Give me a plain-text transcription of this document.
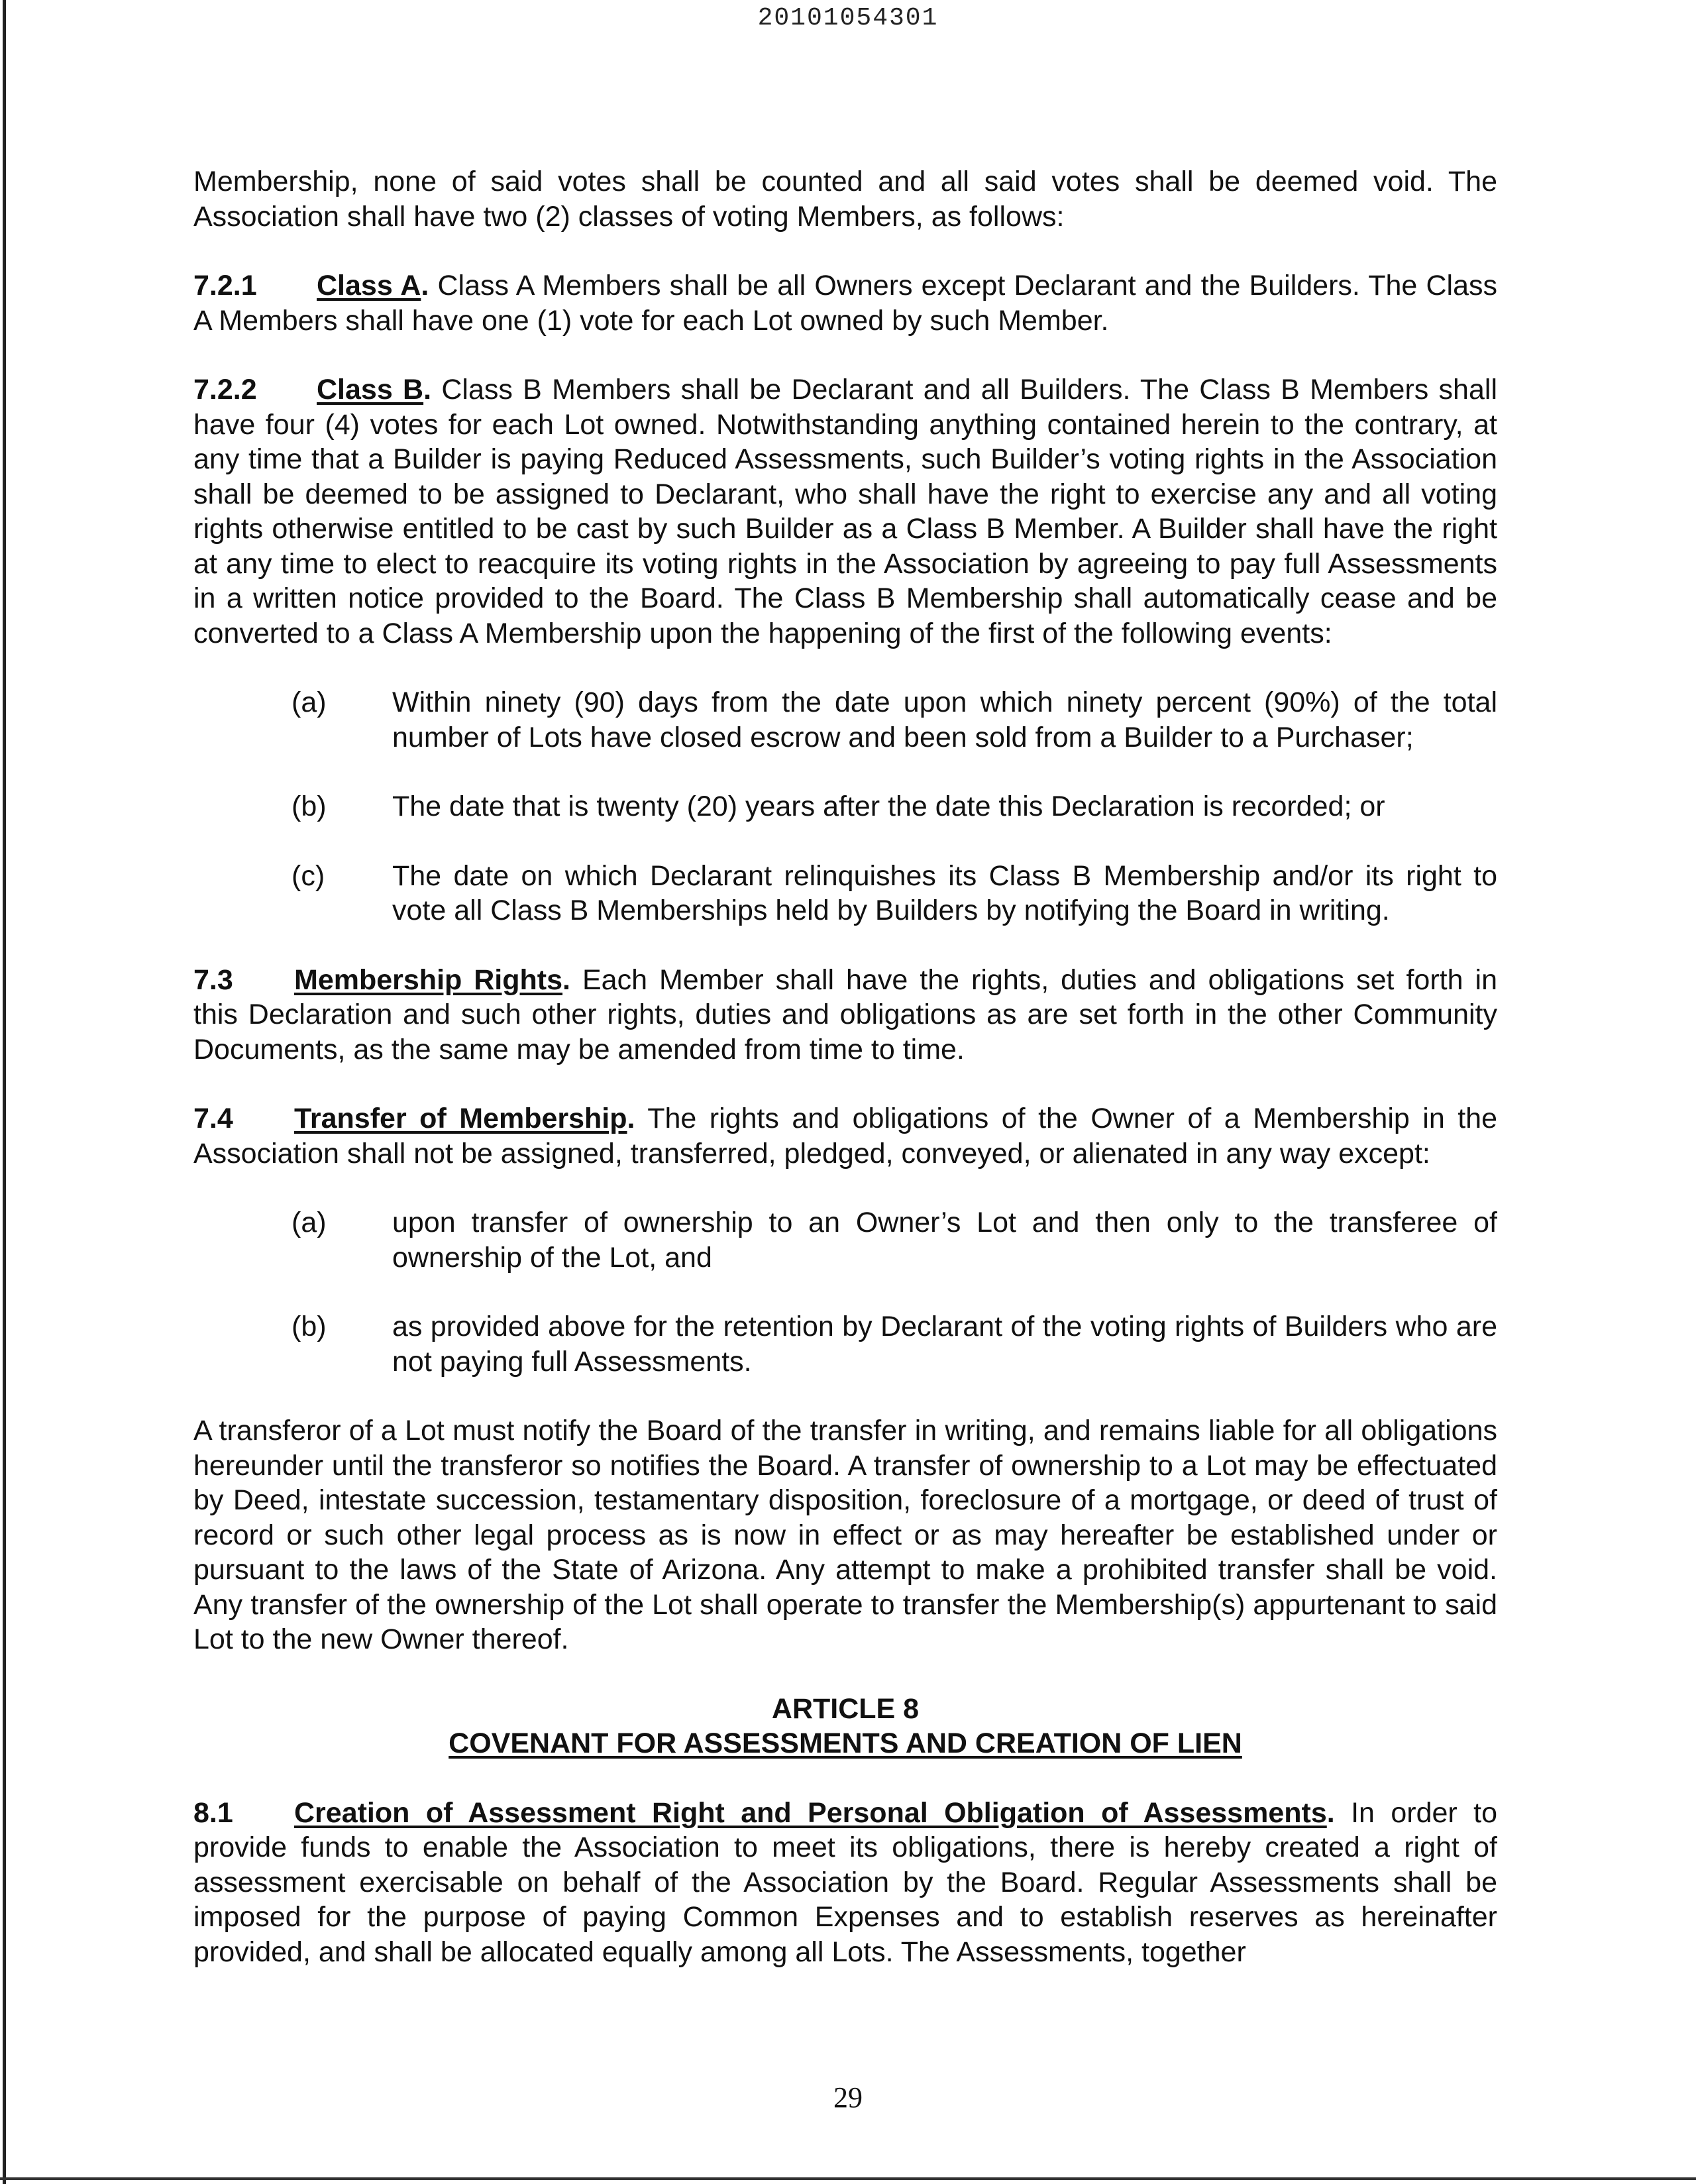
20101054301

Membership, none of said votes shall be counted and all said votes shall be deemed void. The Association shall have two (2) classes of voting Members, as follows:

7.2.1 Class A. Class A Members shall be all Owners except Declarant and the Builders. The Class A Members shall have one (1) vote for each Lot owned by such Member.

7.2.2 Class B. Class B Members shall be Declarant and all Builders. The Class B Members shall have four (4) votes for each Lot owned. Notwithstanding anything contained herein to the contrary, at any time that a Builder is paying Reduced Assessments, such Builder’s voting rights in the Association shall be deemed to be assigned to Declarant, who shall have the right to exercise any and all voting rights otherwise entitled to be cast by such Builder as a Class B Member. A Builder shall have the right at any time to elect to reacquire its voting rights in the Association by agreeing to pay full Assessments in a written notice provided to the Board. The Class B Membership shall automatically cease and be converted to a Class A Membership upon the happening of the first of the following events:

(a)	Within ninety (90) days from the date upon which ninety percent (90%) of the total number of Lots have closed escrow and been sold from a Builder to a Purchaser;

(b)	The date that is twenty (20) years after the date this Declaration is recorded; or

(c)	The date on which Declarant relinquishes its Class B Membership and/or its right to vote all Class B Memberships held by Builders by notifying the Board in writing.

7.3 Membership Rights. Each Member shall have the rights, duties and obligations set forth in this Declaration and such other rights, duties and obligations as are set forth in the other Community Documents, as the same may be amended from time to time.

7.4 Transfer of Membership. The rights and obligations of the Owner of a Membership in the Association shall not be assigned, transferred, pledged, conveyed, or alienated in any way except:

(a)	upon transfer of ownership to an Owner’s Lot and then only to the transferee of ownership of the Lot, and

(b)	as provided above for the retention by Declarant of the voting rights of Builders who are not paying full Assessments.

A transferor of a Lot must notify the Board of the transfer in writing, and remains liable for all obligations hereunder until the transferor so notifies the Board. A transfer of ownership to a Lot may be effectuated by Deed, intestate succession, testamentary disposition, foreclosure of a mortgage, or deed of trust of record or such other legal process as is now in effect or as may hereafter be established under or pursuant to the laws of the State of Arizona. Any attempt to make a prohibited transfer shall be void. Any transfer of the ownership of the Lot shall operate to transfer the Membership(s) appurtenant to said Lot to the new Owner thereof.

ARTICLE 8
COVENANT FOR ASSESSMENTS AND CREATION OF LIEN

8.1 Creation of Assessment Right and Personal Obligation of Assessments. In order to provide funds to enable the Association to meet its obligations, there is hereby created a right of assessment exercisable on behalf of the Association by the Board. Regular Assessments shall be imposed for the purpose of paying Common Expenses and to establish reserves as hereinafter provided, and shall be allocated equally among all Lots. The Assessments, together

29
